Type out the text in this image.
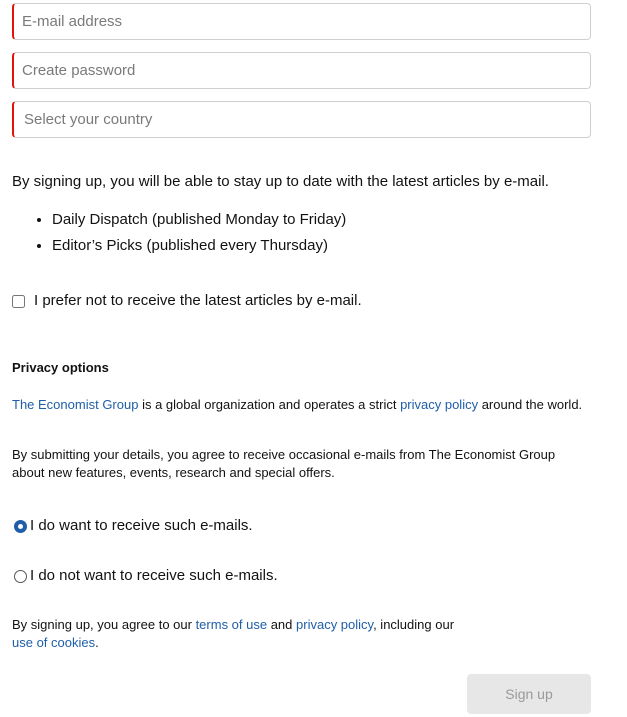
E-mail address
Select your country

By signing up, you will be able to stay up to date with the latest articles by e-mail.

• Daily Dispatch (published Monday to Friday)
• Editor’s Picks (published every Thursday)
I prefer not to receive the latest articles by e-mail.
Privacy options

The Economist Group is a global organization and operates a strict privacy policy around the world.

By submitting your details, you agree to receive occasional e-mails from The Economist Group about new features, events, research and special offers.

I do want to receive such e-mails.
I do not want to receive such e-mails.

By signing up, you agree to our terms of use and privacy policy, including our use of cookies.

Sign up
